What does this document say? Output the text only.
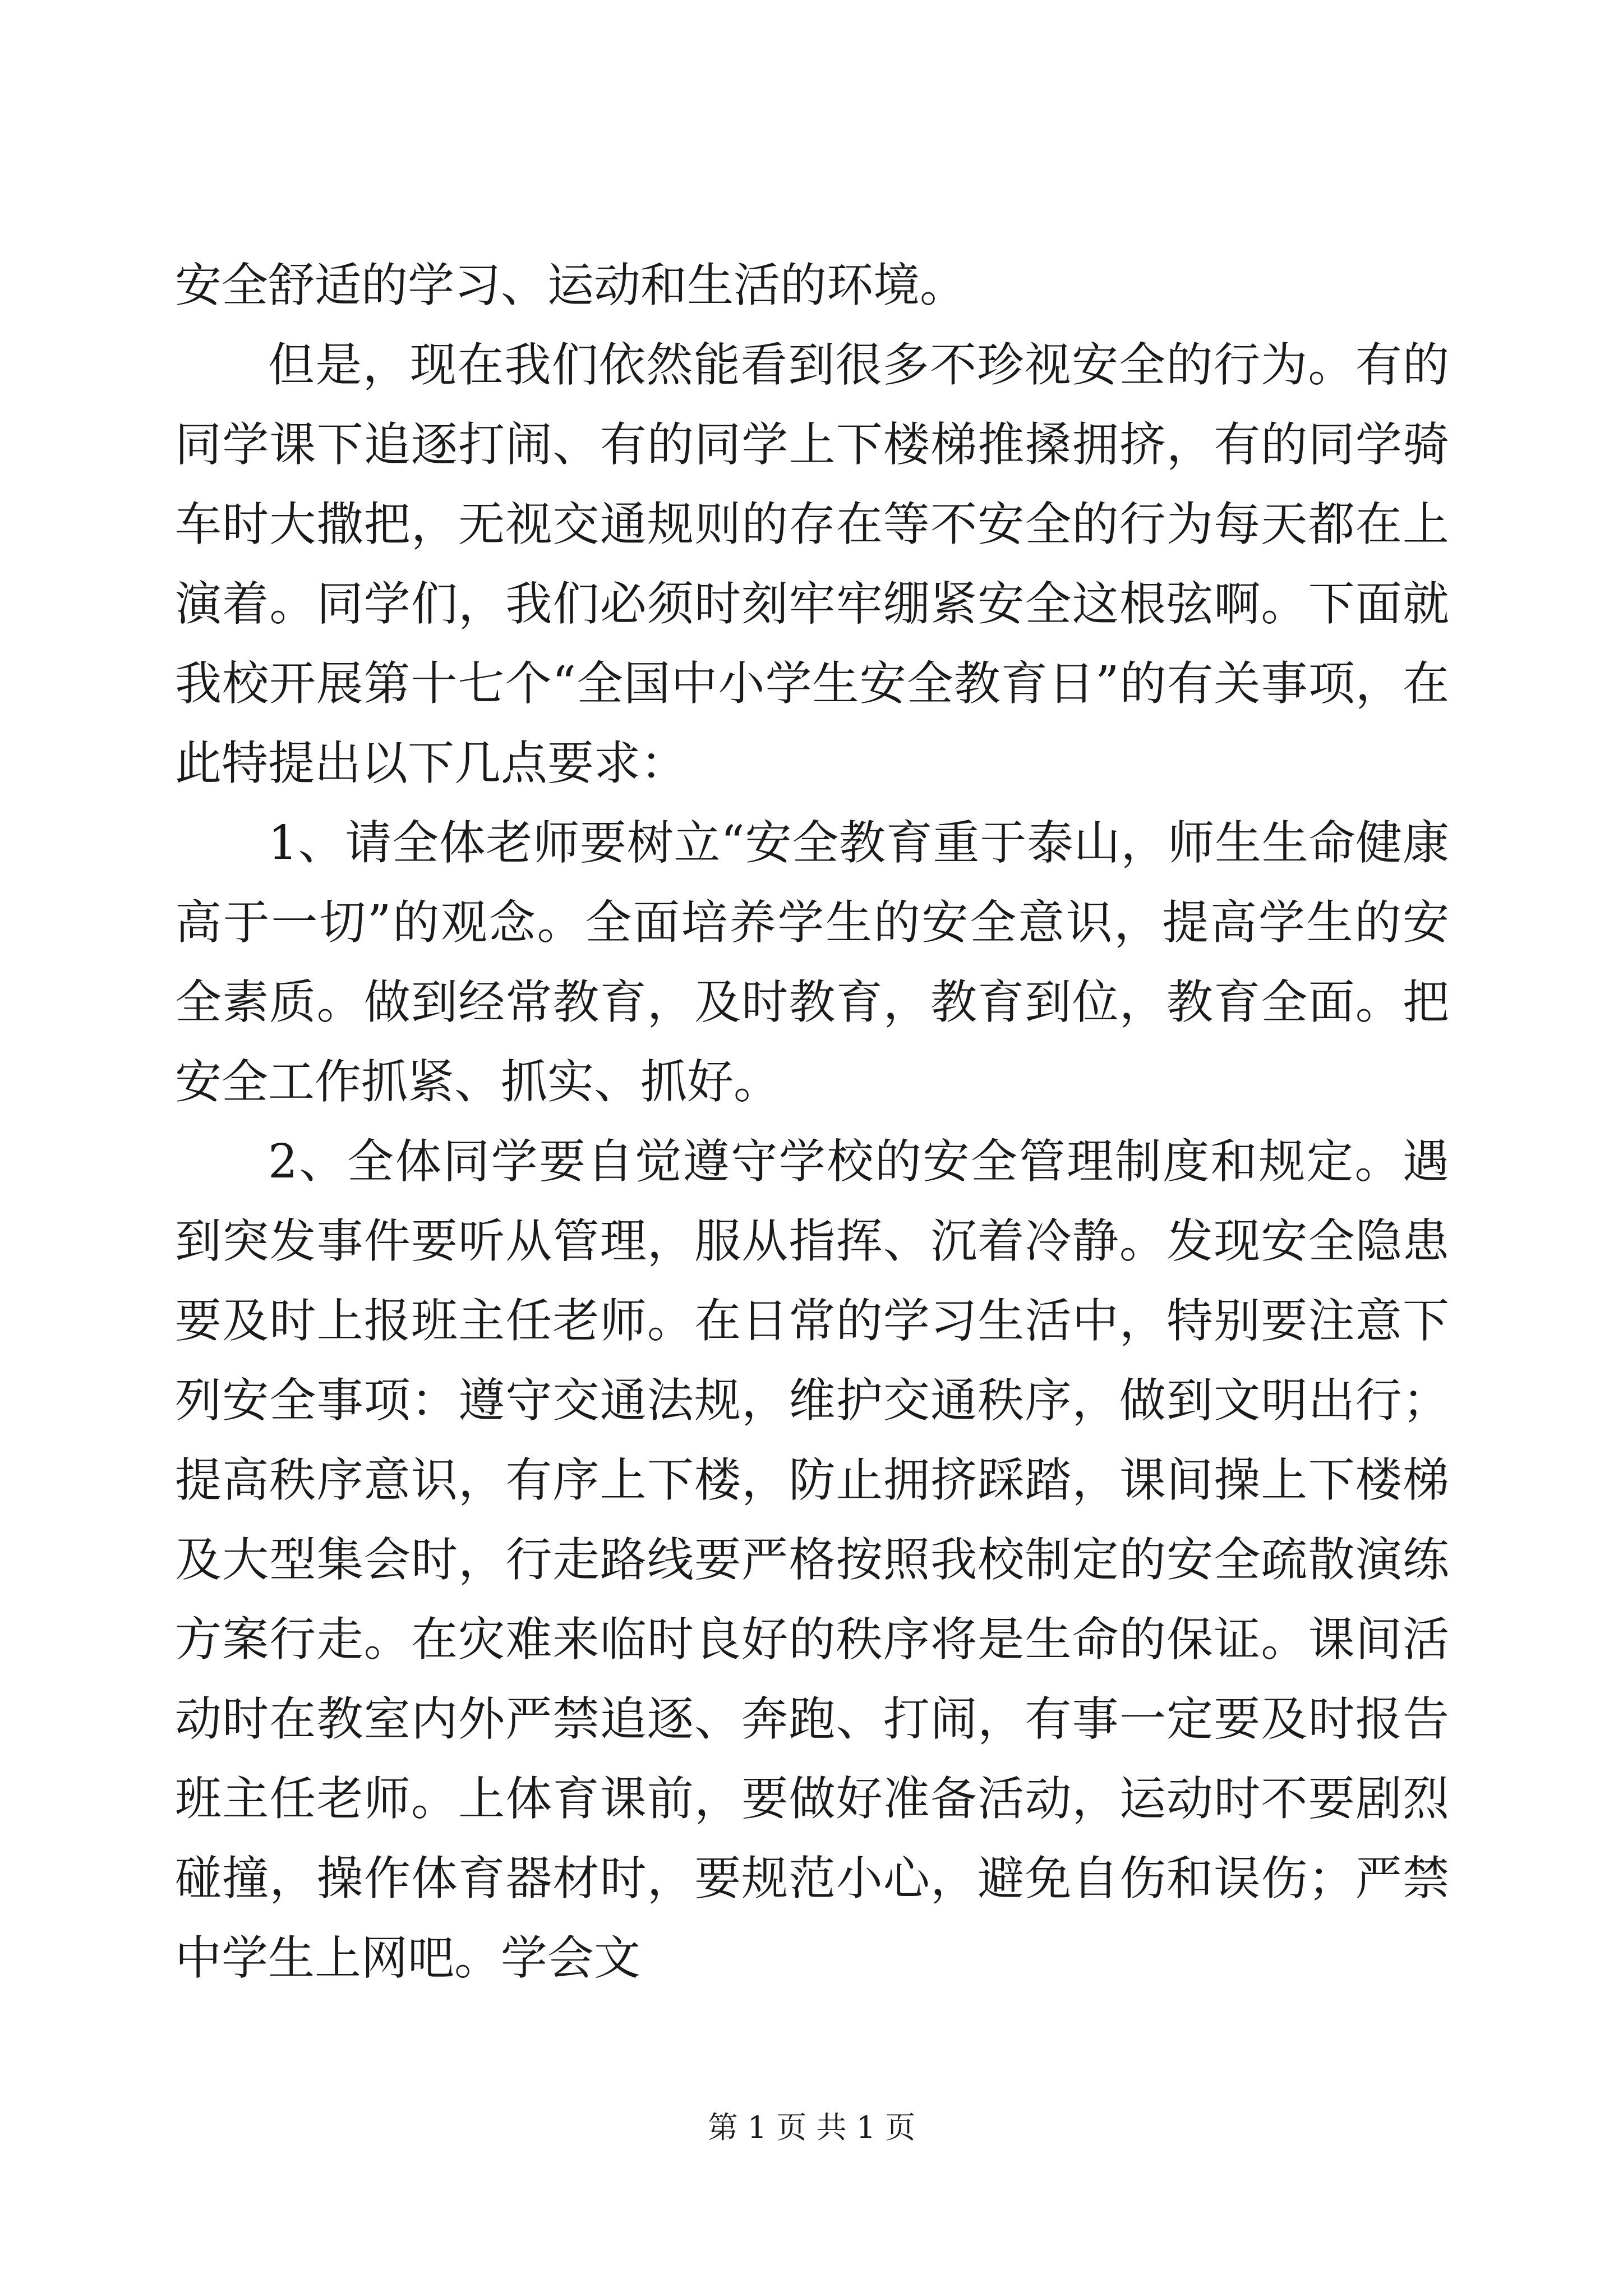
安全舒适的学习、运动和生活的环境。

但是，现在我们依然能看到很多不珍视安全的行为。有的同学课下追逐打闹、有的同学上下楼梯推搡拥挤，有的同学骑车时大撒把，无视交通规则的存在等不安全的行为每天都在上演着。同学们，我们必须时刻牢牢绷紧安全这根弦啊。下面就我校开展第十七个“全国中小学生安全教育日”的有关事项，在此特提出以下几点要求：

1、请全体老师要树立“安全教育重于泰山，师生生命健康高于一切”的观念。全面培养学生的安全意识，提高学生的安全素质。做到经常教育，及时教育，教育到位，教育全面。把安全工作抓紧、抓实、抓好。

2、全体同学要自觉遵守学校的安全管理制度和规定。遇到突发事件要听从管理，服从指挥、沉着冷静。发现安全隐患要及时上报班主任老师。在日常的学习生活中，特别要注意下列安全事项：遵守交通法规，维护交通秩序，做到文明出行；提高秩序意识，有序上下楼，防止拥挤踩踏，课间操上下楼梯及大型集会时，行走路线要严格按照我校制定的安全疏散演练方案行走。在灾难来临时良好的秩序将是生命的保证。课间活动时在教室内外严禁追逐、奔跑、打闹，有事一定要及时报告班主任老师。上体育课前，要做好准备活动，运动时不要剧烈碰撞，操作体育器材时，要规范小心，避免自伤和误伤；严禁中学生上网吧。学会文

第 1 页 共 1 页
